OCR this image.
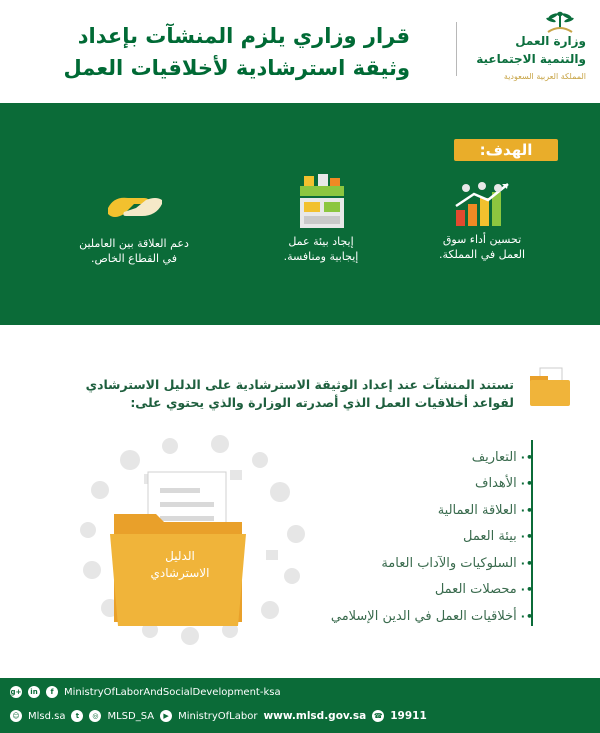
قرار وزاري يلزم المنشآت بإعداد
وثيقة استرشادية لأخلاقيات العمل
وزارة العمل
والتنمية الاجتماعية
المملكة العربية السعودية
الهدف:
تحسين أداء سوق
العمل في المملكة.
إيجاد بيئة عمل
إيجابية ومنافسة.
دعم العلاقة بين العاملين
في القطاع الخاص.
تستند المنشآت عند إعداد الوثيقة الاسترشادية على الدليل الاسترشادي
لقواعد أخلاقيات العمل الذي أصدرته الوزارة والذي يحتوي على:
الدليل
الاسترشادي
•·
التعاريف
•·
الأهداف
•·
العلاقة العمالية
•·
بيئة العمل
•·
السلوكيات والآداب العامة
•·
محصلات العمل
•·
أخلاقيات العمل في الدين الإسلامي
g+	in	f	MinistryOfLaborAndSocialDevelopment-ksa
☺ Mlsd.sa	t	◎ MLSD_SA	▶ MinistryOfLabor www.mlsd.gov.sa ☎ 19911
